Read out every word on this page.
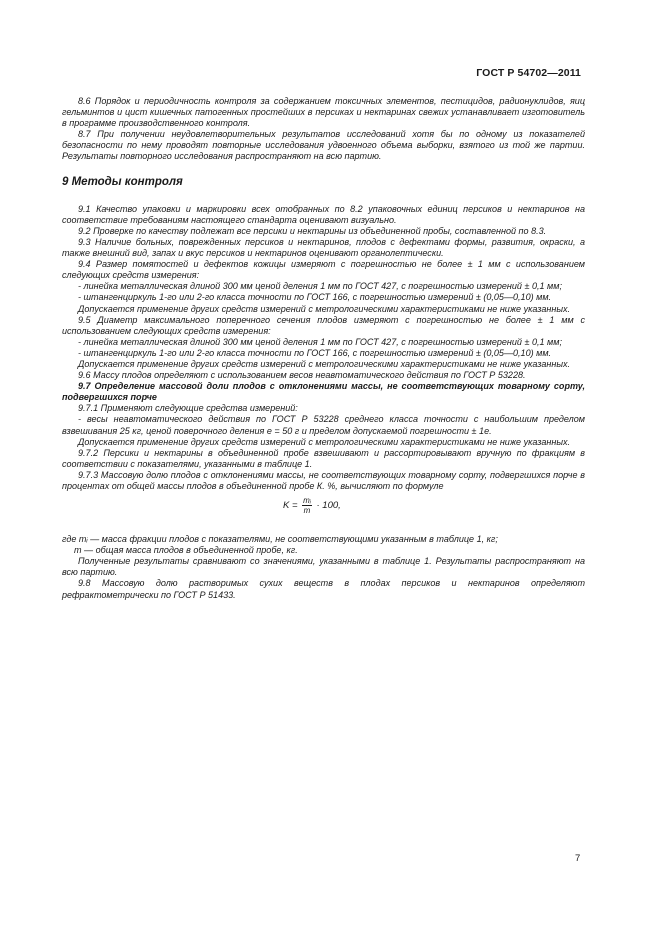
ГОСТ Р 54702—2011

8.6 Порядок и периодичность контроля за содержанием токсичных элементов, пестицидов, радионуклидов, яиц гельминтов и цист кишечных патогенных простейших в персиках и нектаринах свежих устанавливает изготовитель в программе производственного контроля.

8.7 При получении неудовлетворительных результатов исследований хотя бы по одному из показателей безопасности по нему проводят повторные исследования удвоенного объема выборки, взятого из той же партии. Результаты повторного исследования распространяют на всю партию.

9 Методы контроля

9.1 Качество упаковки и маркировки всех отобранных по 8.2 упаковочных единиц персиков и нектаринов на соответствие требованиям настоящего стандарта оценивают визуально.

9.2 Проверке по качеству подлежат все персики и нектарины из объединенной пробы, составленной по 8.3.

9.3 Наличие больных, поврежденных персиков и нектаринов, плодов с дефектами формы, развития, окраски, а также внешний вид, запах и вкус персиков и нектаринов оценивают органолептически.

9.4 Размер помятостей и дефектов кожицы измеряют с погрешностью не более ± 1 мм с использованием следующих средств измерения:

- линейка металлическая длиной 300 мм ценой деления 1 мм по ГОСТ 427, с погрешностью измерений ± 0,1 мм;

- штангенциркуль 1-го или 2-го класса точности по ГОСТ 166, с погрешностью измерений ± (0,05—0,10) мм.

Допускается применение других средств измерений с метрологическими характеристиками не ниже указанных.

9.5 Диаметр максимального поперечного сечения плодов измеряют с погрешностью не более ± 1 мм с использованием следующих средств измерения:

- линейка металлическая длиной 300 мм ценой деления 1 мм по ГОСТ 427, с погрешностью измерений ± 0,1 мм;

- штангенциркуль 1-го или 2-го класса точности по ГОСТ 166, с погрешностью измерений ± (0,05—0,10) мм.

Допускается применение других средств измерений с метрологическими характеристиками не ниже указанных.

9.6 Массу плодов определяют с использованием весов неавтоматического действия по ГОСТ Р 53228.

9.7 Определение массовой доли плодов с отклонениями массы, не соответствующих товарному сорту, подвергшихся порче

9.7.1 Применяют следующие средства измерений:

- весы неавтоматического действия по ГОСТ Р 53228 среднего класса точности с наибольшим пределом взвешивания 25 кг, ценой поверочного деления e = 50 г и пределом допускаемой погрешности ± 1e.

Допускается применение других средств измерений с метрологическими характеристиками не ниже указанных.

9.7.2 Персики и нектарины в объединенной пробе взвешивают и рассортировывают вручную по фракциям в соответствии с показателями, указанными в таблице 1.

9.7.3 Массовую долю плодов с отклонениями массы, не соответствующих товарному сорту, подвергшихся порче в процентах от общей массы плодов в объединенной пробе К. %, вычисляют по формуле

$K = \frac{\text{mᵢ}}{m} \cdot 100$,

где mᵢ — масса фракции плодов с показателями, не соответствующими указанным в таблице 1, кг;

m — общая масса плодов в объединенной пробе, кг.

Полученные результаты сравнивают со значениями, указанными в таблице 1. Результаты распространяют на всю партию.

9.8 Массовую долю растворимых сухих веществ в плодах персиков и нектаринов определяют рефрактометрически по ГОСТ Р 51433.

7
